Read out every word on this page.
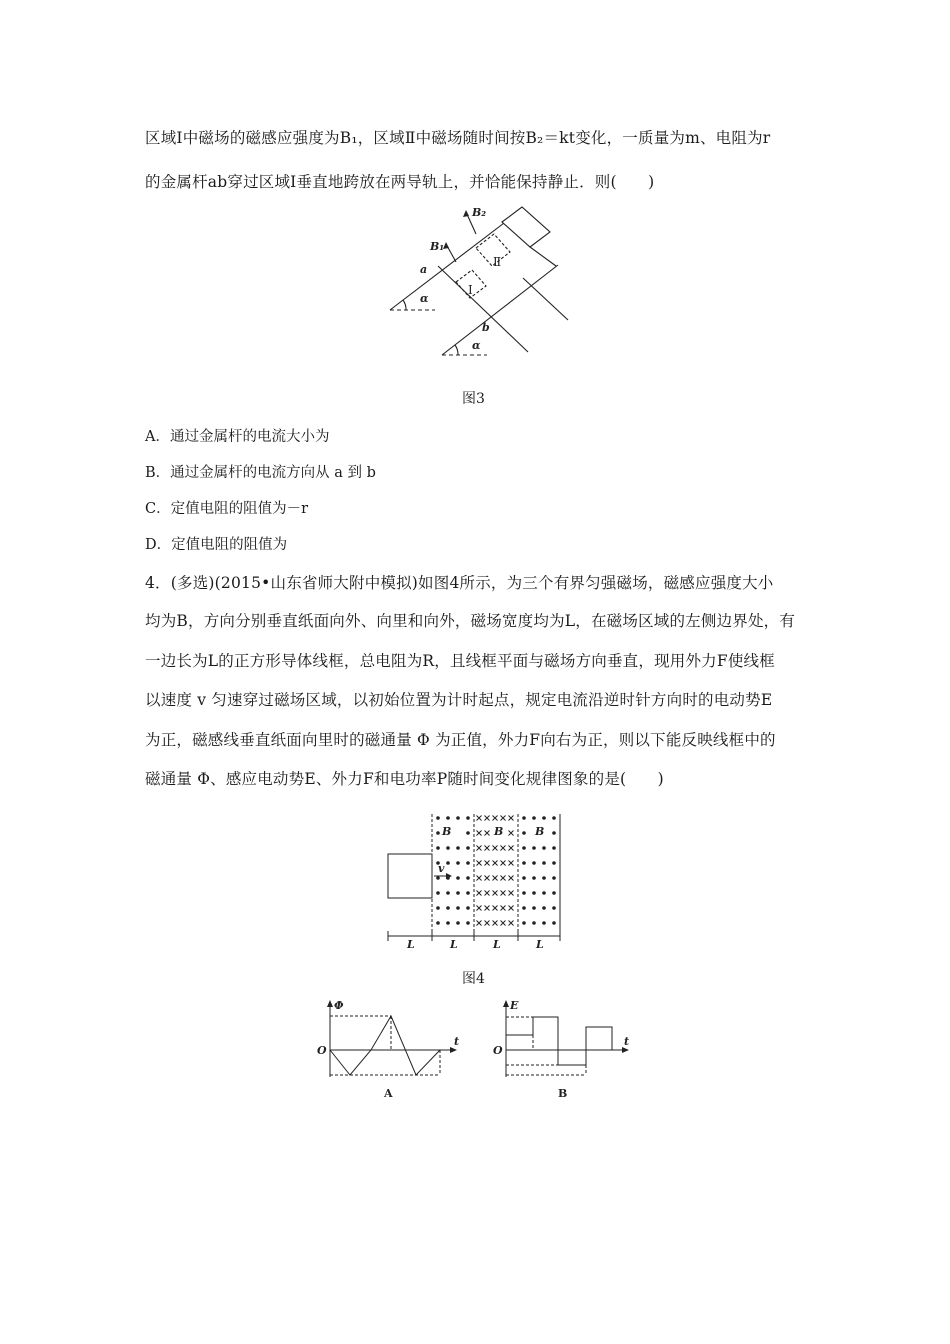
区域Ⅰ中磁场的磁感应强度为B₁，区域Ⅱ中磁场随时间按B₂＝kt变化，一质量为m、电阻为r
的金属杆ab穿过区域Ⅰ垂直地跨放在两导轨上，并恰能保持静止．则(　　)
B₂
B₁
a
b
α
α
Ⅱ
Ⅰ
图3
A．通过金属杆的电流大小为
B．通过金属杆的电流方向从 a 到 b
C．定值电阻的阻值为－r
D．定值电阻的阻值为
4．(多选)(2015•山东省师大附中模拟)如图4所示，为三个有界匀强磁场，磁感应强度大小
均为B，方向分别垂直纸面向外、向里和向外，磁场宽度均为L，在磁场区域的左侧边界处，有
一边长为L的正方形导体线框，总电阻为R，且线框平面与磁场方向垂直，现用外力F使线框
以速度 v 匀速穿过磁场区域，以初始位置为计时起点，规定电流沿逆时针方向时的电动势E
为正，磁感线垂直纸面向里时的磁通量 Φ 为正值，外力F向右为正，则以下能反映线框中的
磁通量 Φ、感应电动势E、外力F和电功率P随时间变化规律图象的是(　　)
B	B	B
v
L	L	L	L
图4
Φ
t
O
A
E
t
O
B
